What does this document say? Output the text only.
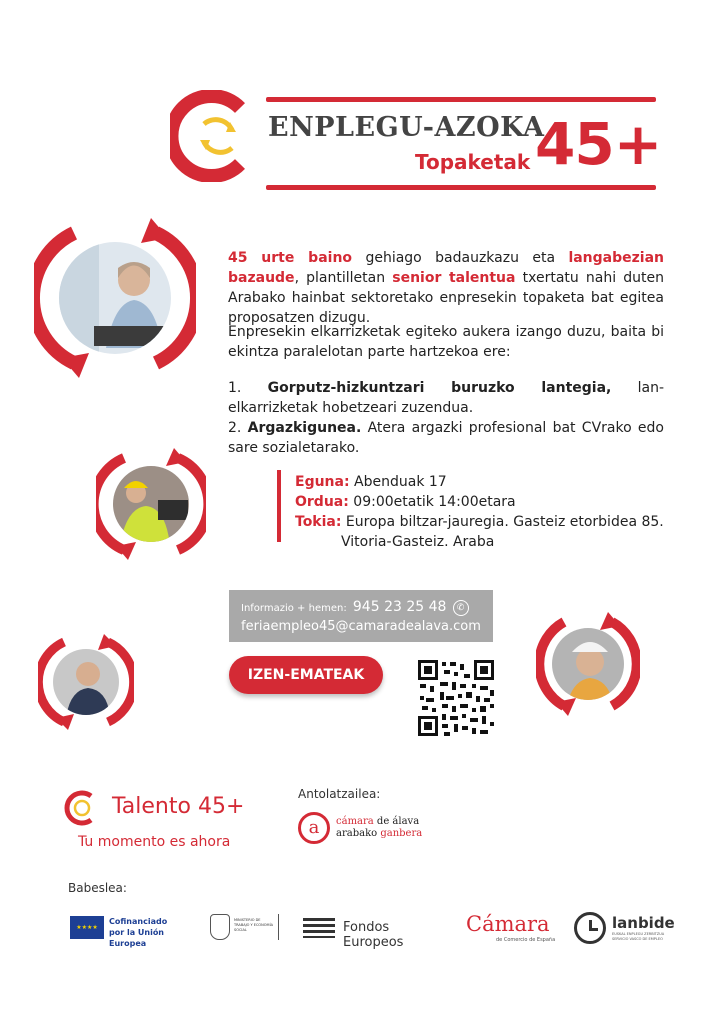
ENPLEGU-AZOKA
Topaketak 45+
45 urte baino gehiago badauzkazu eta langabezian bazaude, plantilletan senior talentua txertatu nahi duten Arabako hainbat sektoretako enpresekin topaketa bat egitea proposatzen dizugu.
Enpresekin elkarrizketak egiteko aukera izango duzu, baita bi ekintza paralelotan parte hartzekoa ere:
1. Gorputz-hizkuntzari buruzko lantegia, lan-elkarrizketak hobetzeari zuzendua.
2. Argazkigunea. Atera argazki profesional bat CVrako edo sare sozialetarako.
Eguna: Abenduak 17
Ordua: 09:00etatik 14:00etara
Tokia: Europa biltzar-jauregia. Gasteiz etorbidea 85.
Vitoria-Gasteiz. Araba
Informazio + hemen: 945 23 25 48 ✆
feriaempleo45@camaradealava.com
IZEN-EMATEAK
Talento 45+
Tu momento es ahora
Antolatzailea:
a	cámara de álava
arabako ganbera
Babeslea:
★★★★
Cofinanciado por la Unión Europea
MINISTERIO DE TRABAJO Y ECONOMÍA SOCIAL	Fondos Europeos
Cámara
de Comercio de España
lanbide
EUSKAL ENPLEGU ZERBITZUA SERVICIO VASCO DE EMPLEO
